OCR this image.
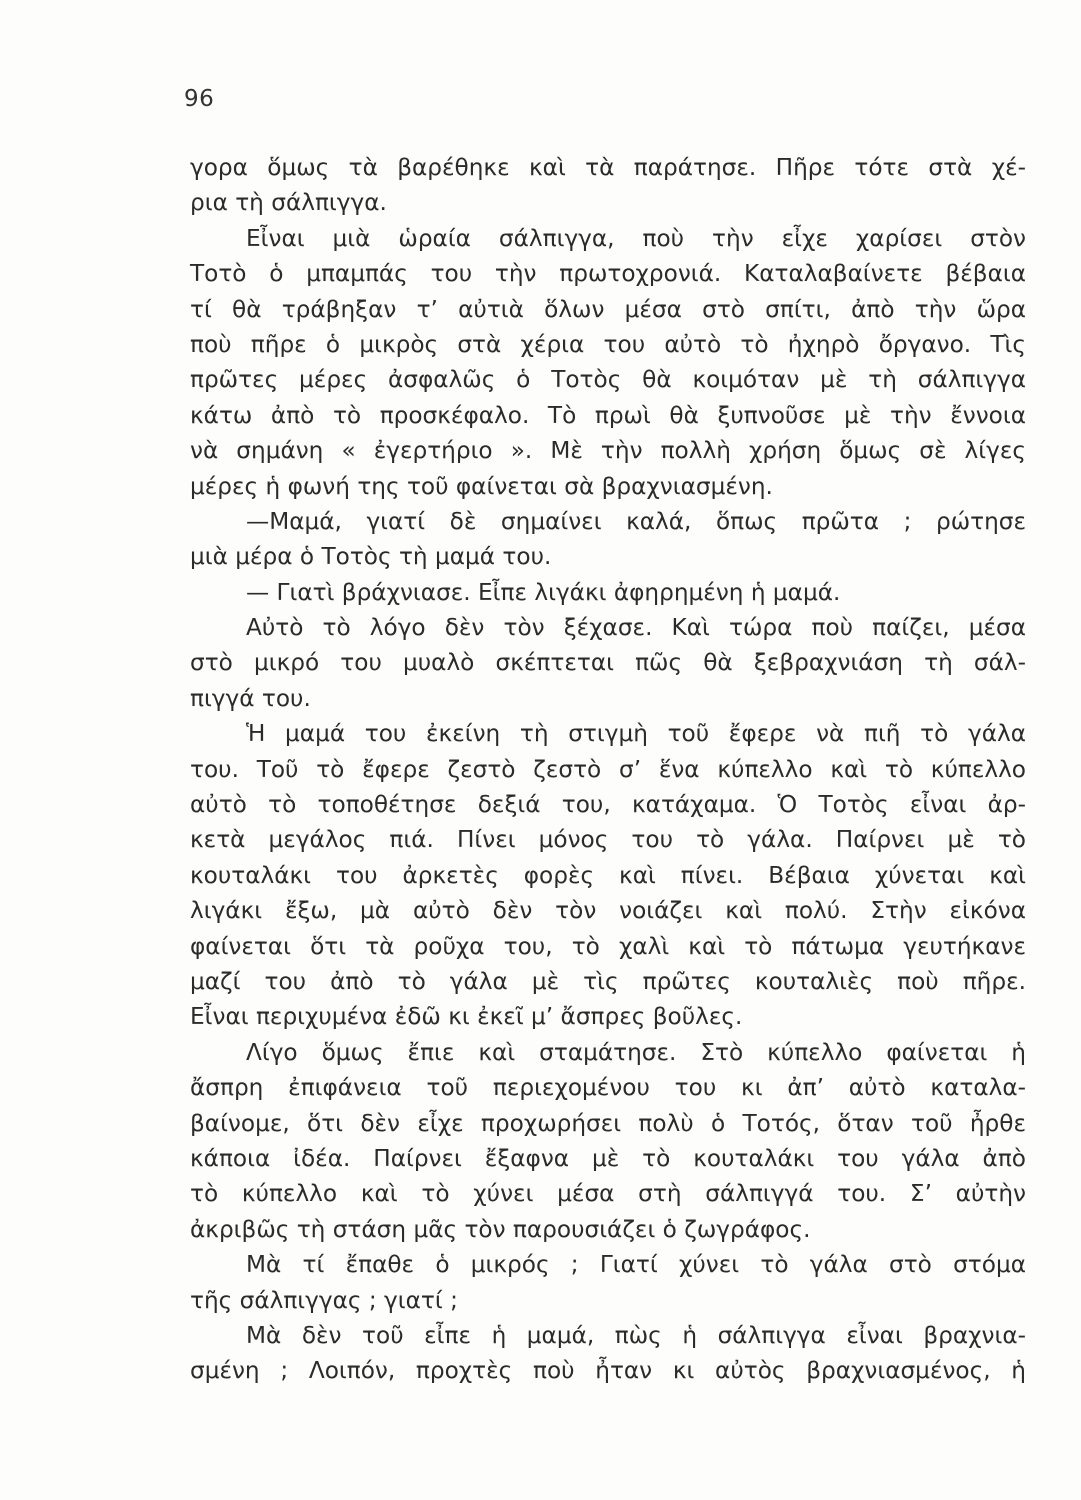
96
γορα ὅμως τὰ βαρέθηκε καὶ τὰ παράτησε. Πῆρε τότε στὰ χέ-
ρια τὴ σάλπιγγα.
Εἶναι μιὰ ὡραία σάλπιγγα, ποὺ τὴν εἶχε χαρίσει στὸν
Τοτὸ ὁ μπαμπάς του τὴν πρωτοχρονιά. Καταλαβαίνετε βέβαια
τί θὰ τράβηξαν τ’ αὐτιὰ ὅλων μέσα στὸ σπίτι, ἀπὸ τὴν ὥρα
ποὺ πῆρε ὁ μικρὸς στὰ χέρια του αὐτὸ τὸ ἠχηρὸ ὄργανο. Τὶς
πρῶτες μέρες ἀσφαλῶς ὁ Τοτὸς θὰ κοιμόταν μὲ τὴ σάλπιγγα
κάτω ἀπὸ τὸ προσκέφαλο. Τὸ πρωὶ θὰ ξυπνοῦσε μὲ τὴν ἔννοια
νὰ σημάνη « ἐγερτήριο ». Μὲ τὴν πολλὴ χρήση ὅμως σὲ λίγες
μέρες ἡ φωνή της τοῦ φαίνεται σὰ βραχνιασμένη.
—Μαμά, γιατί δὲ σημαίνει καλά, ὅπως πρῶτα ; ρώτησε
μιὰ μέρα ὁ Τοτὸς τὴ μαμά του.
— Γιατὶ βράχνιασε. Εἶπε λιγάκι ἀφηρημένη ἡ μαμά.
Αὐτὸ τὸ λόγο δὲν τὸν ξέχασε. Καὶ τώρα ποὺ παίζει, μέσα
στὸ μικρό του μυαλὸ σκέπτεται πῶς θὰ ξεβραχνιάση τὴ σάλ-
πιγγά του.
Ἡ μαμά του ἐκείνη τὴ στιγμὴ τοῦ ἔφερε νὰ πιῆ τὸ γάλα
του. Τοῦ τὸ ἔφερε ζεστὸ ζεστὸ σ’ ἕνα κύπελλο καὶ τὸ κύπελλο
αὐτὸ τὸ τοποθέτησε δεξιά του, κατάχαμα. Ὁ Τοτὸς εἶναι ἀρ-
κετὰ μεγάλος πιά. Πίνει μόνος του τὸ γάλα. Παίρνει μὲ τὸ
κουταλάκι του ἀρκετὲς φορὲς καὶ πίνει. Βέβαια χύνεται καὶ
λιγάκι ἔξω, μὰ αὐτὸ δὲν τὸν νοιάζει καὶ πολύ. Στὴν εἰκόνα
φαίνεται ὅτι τὰ ροῦχα του, τὸ χαλὶ καὶ τὸ πάτωμα γευτήκανε
μαζί του ἀπὸ τὸ γάλα μὲ τὶς πρῶτες κουταλιὲς ποὺ πῆρε.
Εἶναι περιχυμένα ἐδῶ κι ἐκεῖ μ’ ἄσπρες βοῦλες.
Λίγο ὅμως ἔπιε καὶ σταμάτησε. Στὸ κύπελλο φαίνεται ἡ
ἄσπρη ἐπιφάνεια τοῦ περιεχομένου του κι ἀπ’ αὐτὸ καταλα-
βαίνομε, ὅτι δὲν εἶχε προχωρήσει πολὺ ὁ Τοτός, ὅταν τοῦ ἦρθε
κάποια ἰδέα. Παίρνει ἔξαφνα μὲ τὸ κουταλάκι του γάλα ἀπὸ
τὸ κύπελλο καὶ τὸ χύνει μέσα στὴ σάλπιγγά του. Σ’ αὐτὴν
ἀκριβῶς τὴ στάση μᾶς τὸν παρουσιάζει ὁ ζωγράφος.
Μὰ τί ἔπαθε ὁ μικρός ; Γιατί χύνει τὸ γάλα στὸ στόμα
τῆς σάλπιγγας ; γιατί ;
Μὰ δὲν τοῦ εἶπε ἡ μαμά, πὼς ἡ σάλπιγγα εἶναι βραχνια-
σμένη ; Λοιπόν, προχτὲς ποὺ ἦταν κι αὐτὸς βραχνιασμένος, ἡ
